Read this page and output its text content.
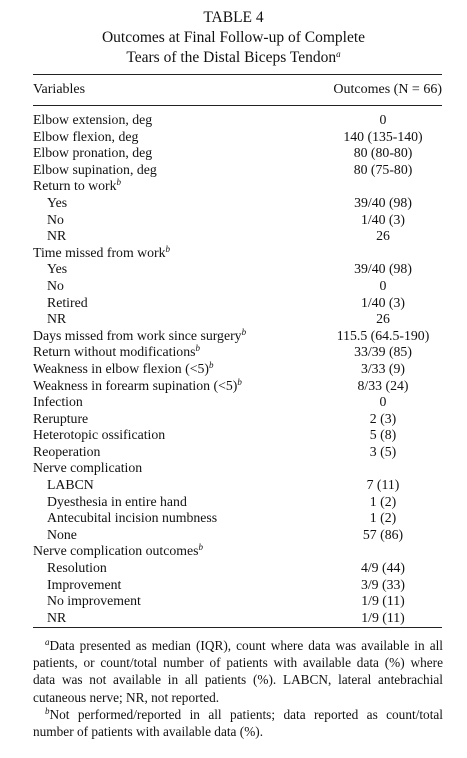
TABLE 4
Outcomes at Final Follow-up of Complete
Tears of the Distal Biceps Tendon$^a$
Variables	Outcomes (N = 66)
Elbow extension, deg	0
Elbow flexion, deg	140 (135-140)
Elbow pronation, deg	80 (80-80)
Elbow supination, deg	80 (75-80)
Return to work$^b$
Yes	39/40 (98)
No	1/40 (3)
NR	26
Time missed from work$^b$
Yes	39/40 (98)
No	0
Retired	1/40 (3)
NR	26
Days missed from work since surgery$^b$	115.5 (64.5-190)
Return without modifications$^b$	33/39 (85)
Weakness in elbow flexion (<5)$^b$	3/33 (9)
Weakness in forearm supination (<5)$^b$	8/33 (24)
Infection	0
Rerupture	2 (3)
Heterotopic ossification	5 (8)
Reoperation	3 (5)
Nerve complication
LABCN	7 (11)
Dyesthesia in entire hand	1 (2)
Antecubital incision numbness	1 (2)
None	57 (86)
Nerve complication outcomes$^b$
Resolution	4/9 (44)
Improvement	3/9 (33)
No improvement	1/9 (11)
NR	1/9 (11)

$^a$Data presented as median (IQR), count where data was available in all patients, or count/total number of patients with available data (%) where data was not available in all patients (%). LABCN, lateral antebrachial cutaneous nerve; NR, not reported.

$^b$Not performed/reported in all patients; data reported as count/total number of patients with available data (%).
